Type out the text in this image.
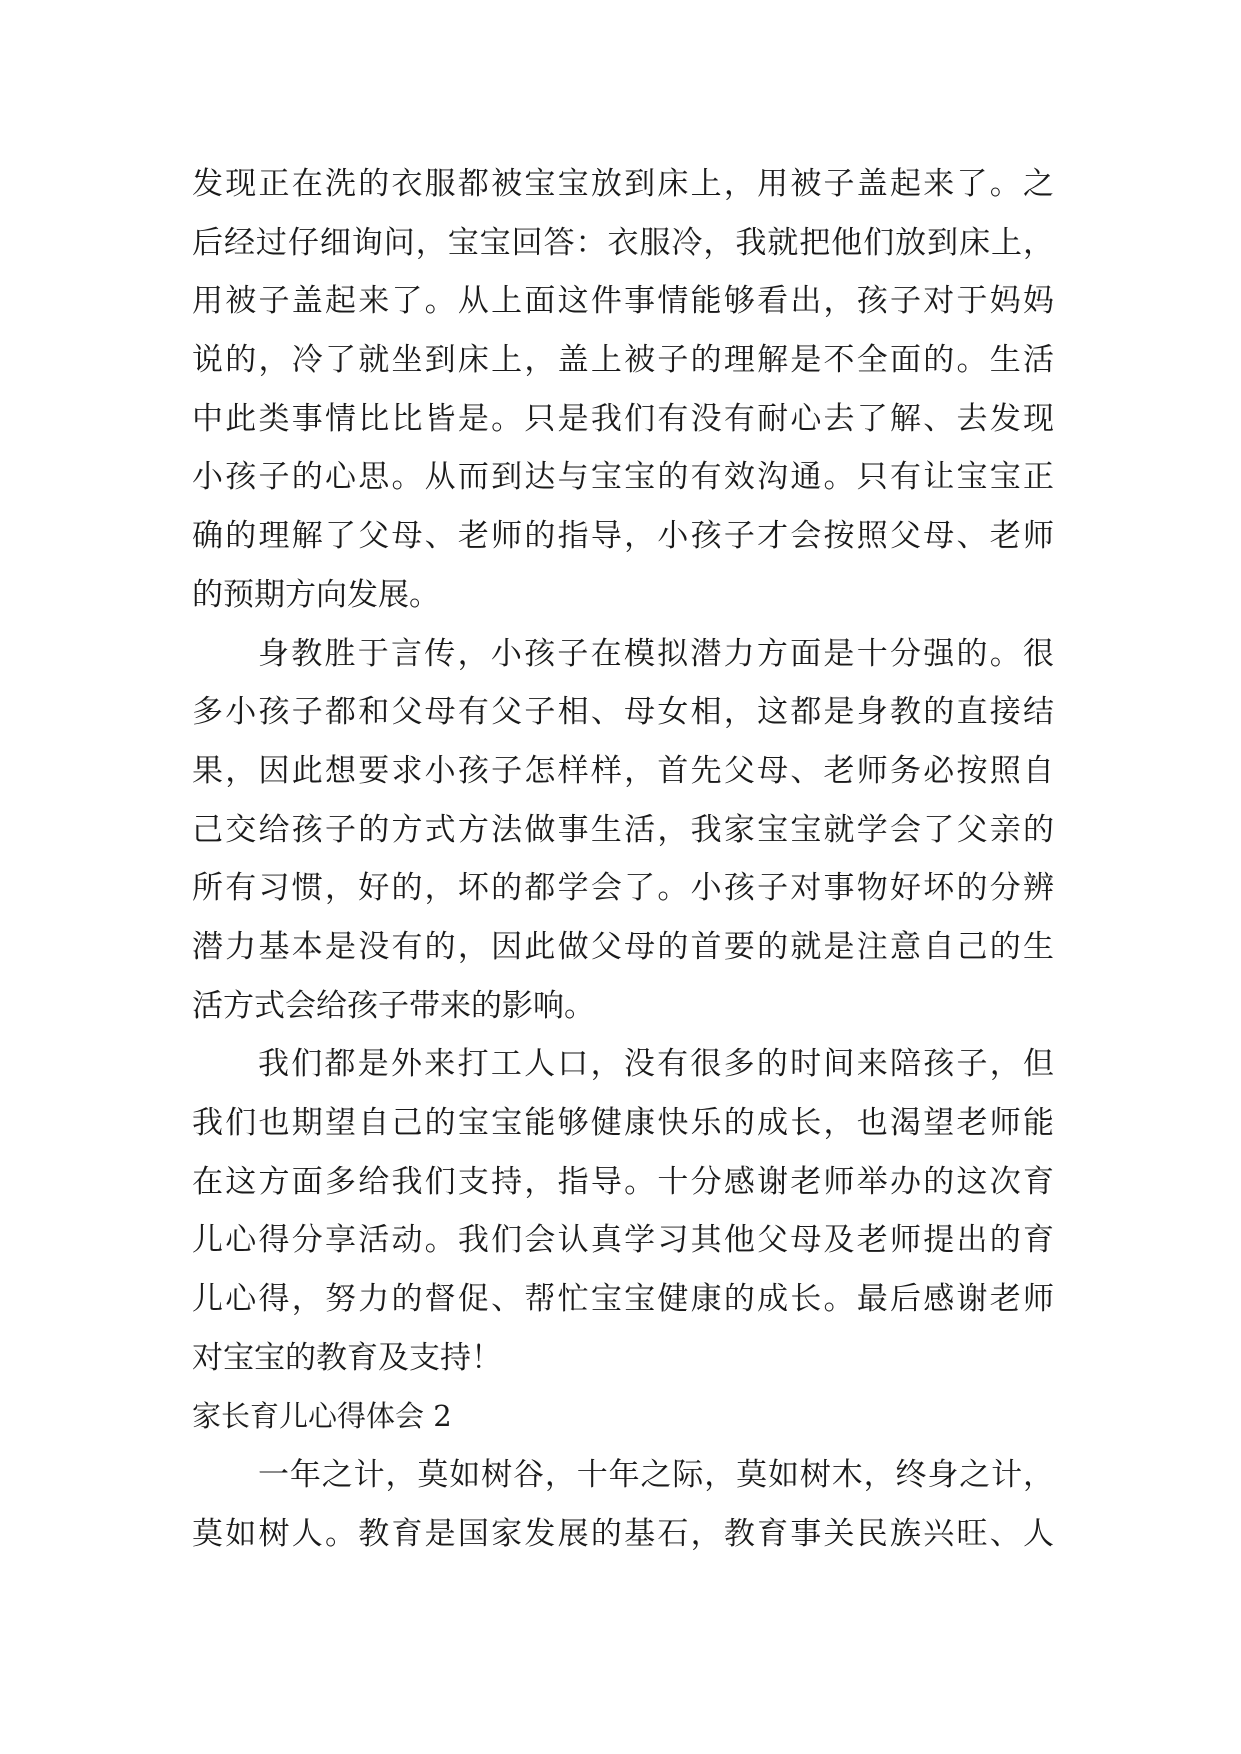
发现正在洗的衣服都被宝宝放到床上，用被子盖起来了。之
后经过仔细询问，宝宝回答：衣服冷，我就把他们放到床上，
用被子盖起来了。从上面这件事情能够看出，孩子对于妈妈
说的，冷了就坐到床上，盖上被子的理解是不全面的。生活
中此类事情比比皆是。只是我们有没有耐心去了解、去发现
小孩子的心思。从而到达与宝宝的有效沟通。只有让宝宝正
确的理解了父母、老师的指导，小孩子才会按照父母、老师
的预期方向发展。
身教胜于言传，小孩子在模拟潜力方面是十分强的。很
多小孩子都和父母有父子相、母女相，这都是身教的直接结
果，因此想要求小孩子怎样样，首先父母、老师务必按照自
己交给孩子的方式方法做事生活，我家宝宝就学会了父亲的
所有习惯，好的，坏的都学会了。小孩子对事物好坏的分辨
潜力基本是没有的，因此做父母的首要的就是注意自己的生
活方式会给孩子带来的影响。
我们都是外来打工人口，没有很多的时间来陪孩子，但
我们也期望自己的宝宝能够健康快乐的成长，也渴望老师能
在这方面多给我们支持，指导。十分感谢老师举办的这次育
儿心得分享活动。我们会认真学习其他父母及老师提出的育
儿心得，努力的督促、帮忙宝宝健康的成长。最后感谢老师
对宝宝的教育及支持！
家长育儿心得体会 2
一年之计，莫如树谷，十年之际，莫如树木，终身之计，
莫如树人。教育是国家发展的基石，教育事关民族兴旺、人
